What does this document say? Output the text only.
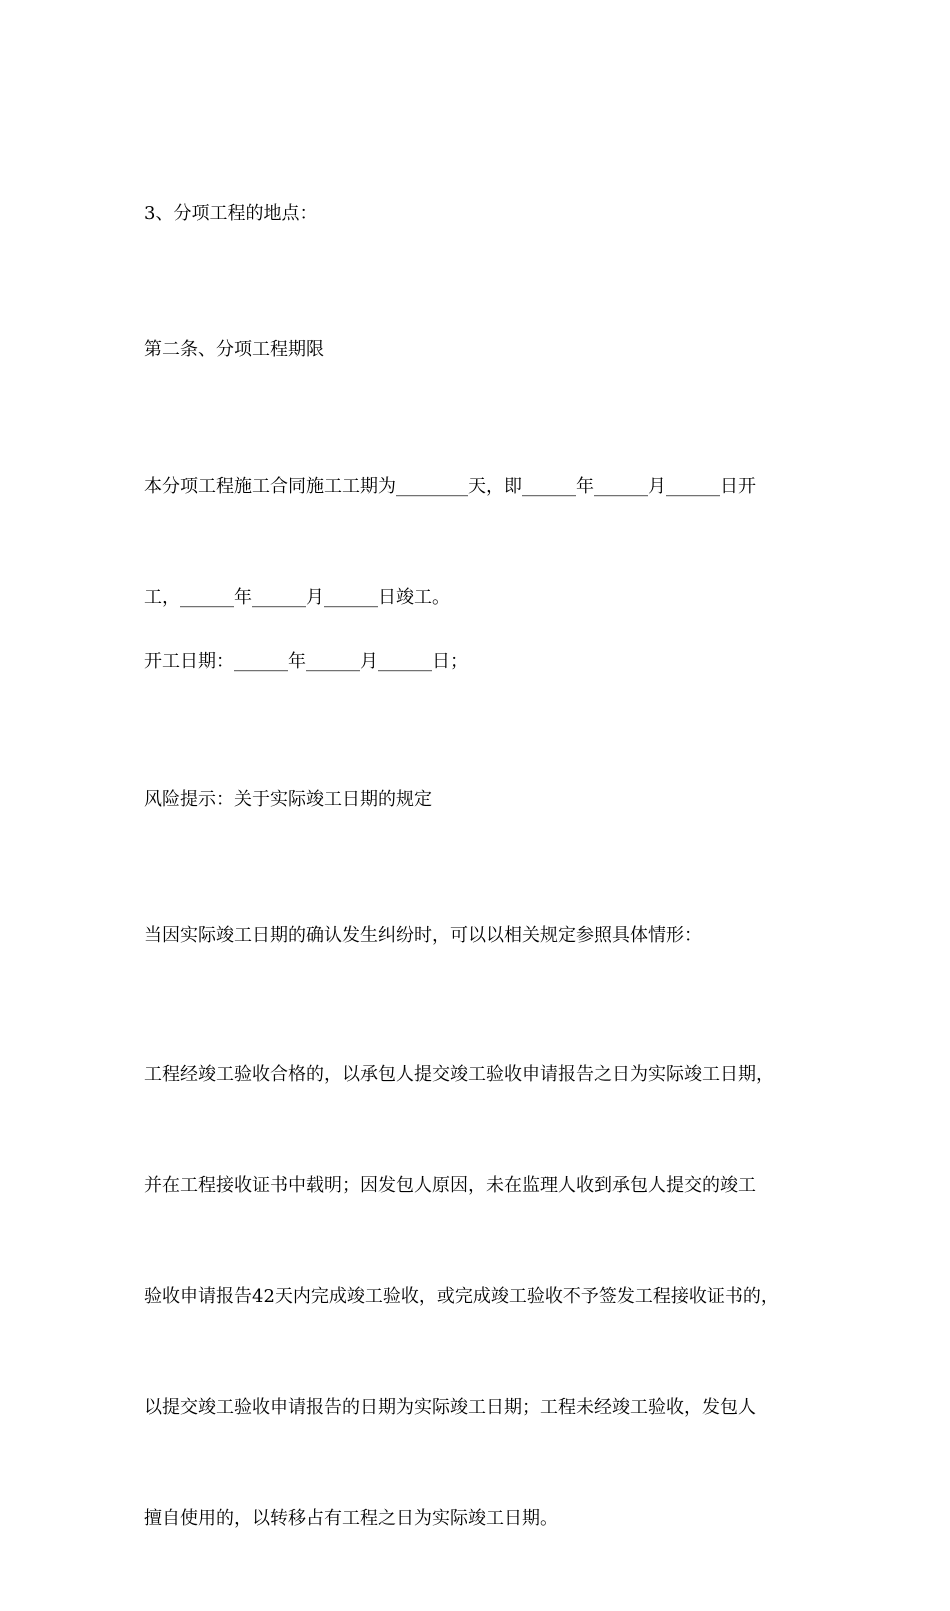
3、分项工程的地点：

第二条、分项工程期限

本分项工程施工合同施工工期为________天，即______年______月______日开

工，______年______月______日竣工。

开工日期：______年______月______日；

风险提示：关于实际竣工日期的规定

当因实际竣工日期的确认发生纠纷时，可以以相关规定参照具体情形：

工程经竣工验收合格的，以承包人提交竣工验收申请报告之日为实际竣工日期，

并在工程接收证书中载明；因发包人原因，未在监理人收到承包人提交的竣工

验收申请报告42天内完成竣工验收，或完成竣工验收不予签发工程接收证书的，

以提交竣工验收申请报告的日期为实际竣工日期；工程未经竣工验收，发包人

擅自使用的，以转移占有工程之日为实际竣工日期。
